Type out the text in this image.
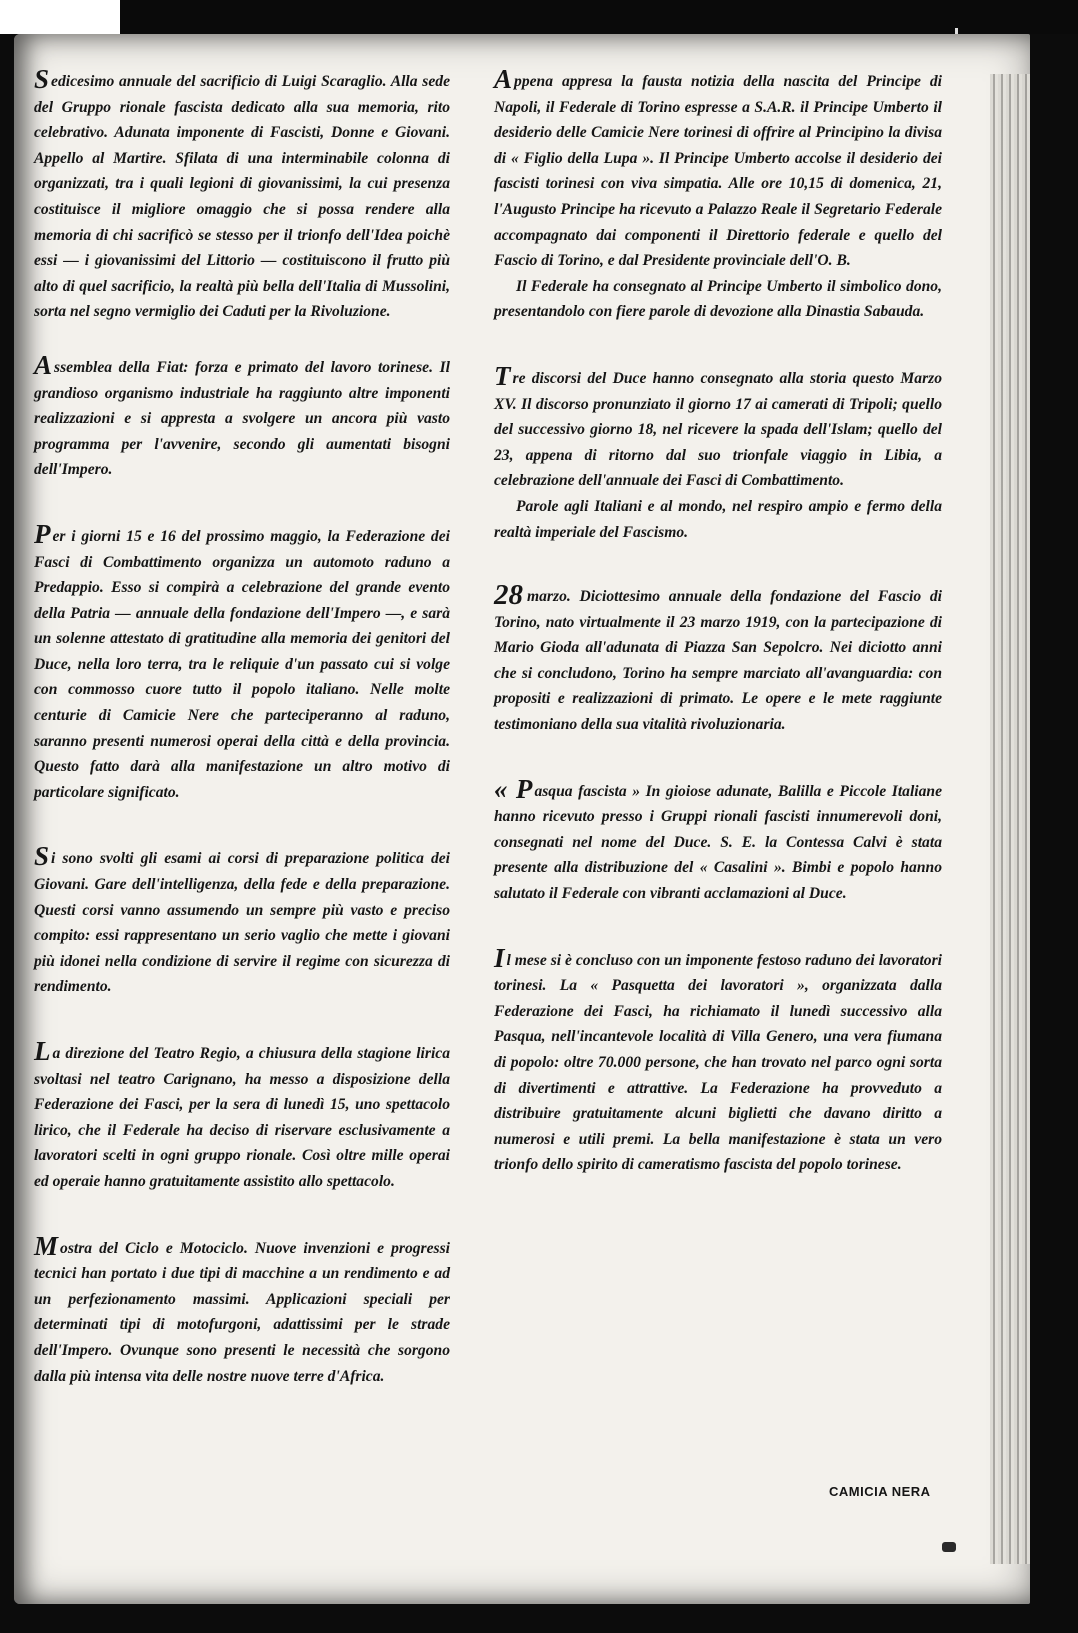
Sedicesimo annuale del sacrificio di Luigi Scaraglio. Alla sede del Gruppo rionale fascista dedicato alla sua memoria, rito celebrativo. Adunata imponente di Fascisti, Donne e Giovani. Appello al Martire. Sfilata di una interminabile colonna di organizzati, tra i quali legioni di giovanissimi, la cui presenza costituisce il migliore omaggio che si possa rendere alla memoria di chi sacrificò se stesso per il trionfo dell'Idea poichè essi — i giovanissimi del Littorio — costituiscono il frutto più alto di quel sacrificio, la realtà più bella dell'Italia di Mussolini, sorta nel segno vermiglio dei Caduti per la Rivoluzione.

Assemblea della Fiat: forza e primato del lavoro torinese. Il grandioso organismo industriale ha raggiunto altre imponenti realizzazioni e si appresta a svolgere un ancora più vasto programma per l'avvenire, secondo gli aumentati bisogni dell'Impero.

Per i giorni 15 e 16 del prossimo maggio, la Federazione dei Fasci di Combattimento organizza un automoto raduno a Predappio. Esso si compirà a celebrazione del grande evento della Patria — annuale della fondazione dell'Impero —, e sarà un solenne attestato di gratitudine alla memoria dei genitori del Duce, nella loro terra, tra le reliquie d'un passato cui si volge con commosso cuore tutto il popolo italiano. Nelle molte centurie di Camicie Nere che parteciperanno al raduno, saranno presenti numerosi operai della città e della provincia. Questo fatto darà alla manifestazione un altro motivo di particolare significato.

Si sono svolti gli esami ai corsi di preparazione politica dei Giovani. Gare dell'intelligenza, della fede e della preparazione. Questi corsi vanno assumendo un sempre più vasto e preciso compito: essi rappresentano un serio vaglio che mette i giovani più idonei nella condizione di servire il regime con sicurezza di rendimento.

La direzione del Teatro Regio, a chiusura della stagione lirica svoltasi nel teatro Carignano, ha messo a disposizione della Federazione dei Fasci, per la sera di lunedì 15, uno spettacolo lirico, che il Federale ha deciso di riservare esclusivamente a lavoratori scelti in ogni gruppo rionale. Così oltre mille operai ed operaie hanno gratuitamente assistito allo spettacolo.

Mostra del Ciclo e Motociclo. Nuove invenzioni e progressi tecnici han portato i due tipi di macchine a un rendimento e ad un perfezionamento massimi. Applicazioni speciali per determinati tipi di motofurgoni, adattissimi per le strade dell'Impero. Ovunque sono presenti le necessità che sorgono dalla più intensa vita delle nostre nuove terre d'Africa.

Appena appresa la fausta notizia della nascita del Principe di Napoli, il Federale di Torino espresse a S.A.R. il Principe Umberto il desiderio delle Camicie Nere torinesi di offrire al Principino la divisa di « Figlio della Lupa ». Il Principe Umberto accolse il desiderio dei fascisti torinesi con viva simpatia. Alle ore 10,15 di domenica, 21, l'Augusto Principe ha ricevuto a Palazzo Reale il Segretario Federale accompagnato dai componenti il Direttorio federale e quello del Fascio di Torino, e dal Presidente provinciale dell'O. B.

Il Federale ha consegnato al Principe Umberto il simbolico dono, presentandolo con fiere parole di devozione alla Dinastia Sabauda.

Tre discorsi del Duce hanno consegnato alla storia questo Marzo XV. Il discorso pronunziato il giorno 17 ai camerati di Tripoli; quello del successivo giorno 18, nel ricevere la spada dell'Islam; quello del 23, appena di ritorno dal suo trionfale viaggio in Libia, a celebrazione dell'annuale dei Fasci di Combattimento.

Parole agli Italiani e al mondo, nel respiro ampio e fermo della realtà imperiale del Fascismo.

28 marzo. Diciottesimo annuale della fondazione del Fascio di Torino, nato virtualmente il 23 marzo 1919, con la partecipazione di Mario Gioda all'adunata di Piazza San Sepolcro. Nei diciotto anni che si concludono, Torino ha sempre marciato all'avanguardia: con propositi e realizzazioni di primato. Le opere e le mete raggiunte testimoniano della sua vitalità rivoluzionaria.

« P asqua fascista » In gioiose adunate, Balilla e Piccole Italiane hanno ricevuto presso i Gruppi rionali fascisti innumerevoli doni, consegnati nel nome del Duce. S. E. la Contessa Calvi è stata presente alla distribuzione del « Casalini ». Bimbi e popolo hanno salutato il Federale con vibranti acclamazioni al Duce.

Il mese si è concluso con un imponente festoso raduno dei lavoratori torinesi. La « Pasquetta dei lavoratori », organizzata dalla Federazione dei Fasci, ha richiamato il lunedì successivo alla Pasqua, nell'incantevole località di Villa Genero, una vera fiumana di popolo: oltre 70.000 persone, che han trovato nel parco ogni sorta di divertimenti e attrattive. La Federazione ha provveduto a distribuire gratuitamente alcuni biglietti che davano diritto a numerosi e utili premi. La bella manifestazione è stata un vero trionfo dello spirito di cameratismo fascista del popolo torinese.

CAMICIA NERA
